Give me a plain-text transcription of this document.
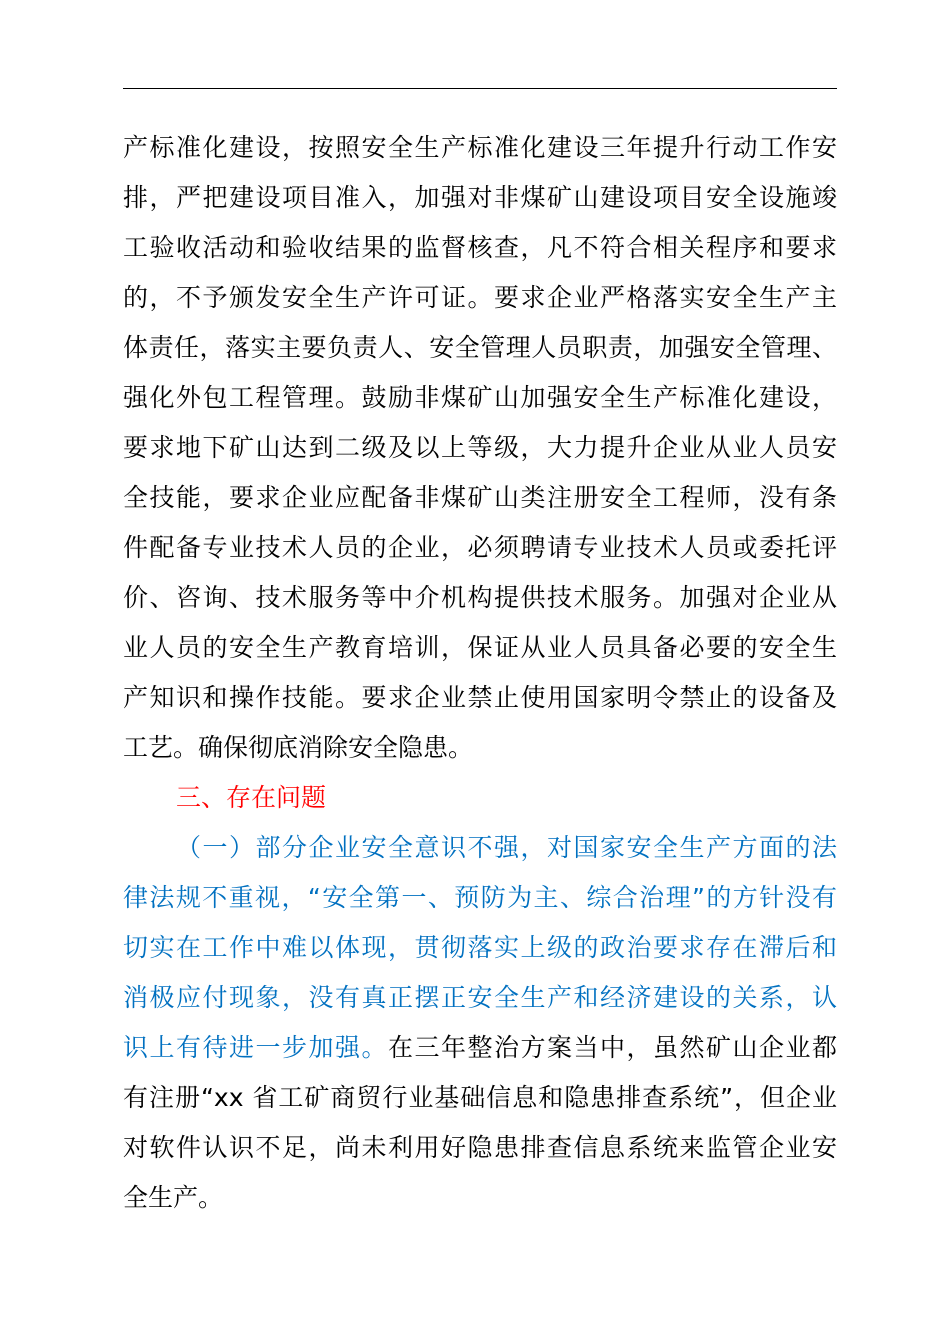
产标准化建设，按照安全生产标准化建设三年提升行动工作安
排，严把建设项目准入，加强对非煤矿山建设项目安全设施竣
工验收活动和验收结果的监督核查，凡不符合相关程序和要求
的，不予颁发安全生产许可证。要求企业严格落实安全生产主
体责任，落实主要负责人、安全管理人员职责，加强安全管理、
强化外包工程管理。鼓励非煤矿山加强安全生产标准化建设，
要求地下矿山达到二级及以上等级，大力提升企业从业人员安
全技能，要求企业应配备非煤矿山类注册安全工程师，没有条
件配备专业技术人员的企业，必须聘请专业技术人员或委托评
价、咨询、技术服务等中介机构提供技术服务。加强对企业从
业人员的安全生产教育培训，保证从业人员具备必要的安全生
产知识和操作技能。要求企业禁止使用国家明令禁止的设备及
工艺。确保彻底消除安全隐患。
三、存在问题
（一）部分企业安全意识不强，对国家安全生产方面的法
律法规不重视，“安全第一、预防为主、综合治理”的方针没有
切实在工作中难以体现，贯彻落实上级的政治要求存在滞后和
消极应付现象，没有真正摆正安全生产和经济建设的关系，认
识上有待进一步加强。在三年整治方案当中，虽然矿山企业都
有注册“xx 省工矿商贸行业基础信息和隐患排查系统”，但企业
对软件认识不足，尚未利用好隐患排查信息系统来监管企业安
全生产。
